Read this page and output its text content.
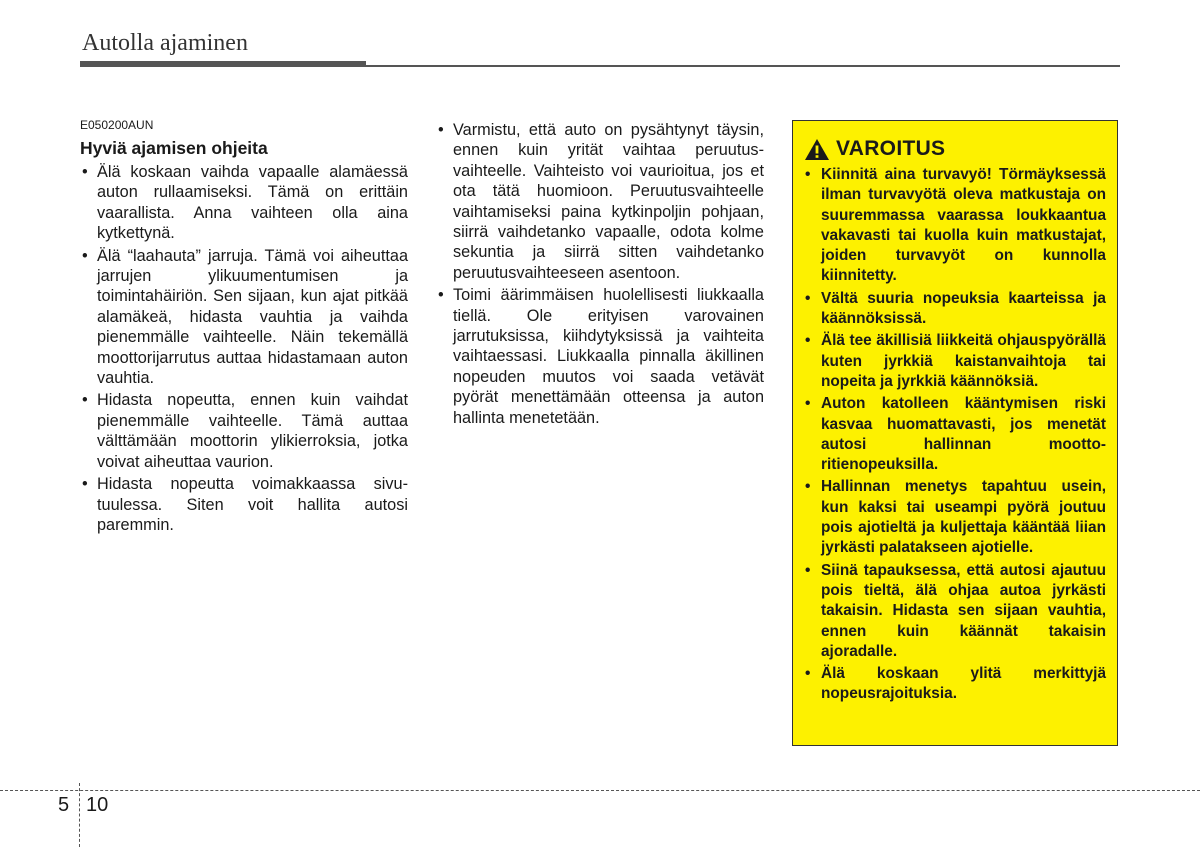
Autolla ajaminen
E050200AUN
Hyviä ajamisen ohjeita
• Älä koskaan vaihda vapaalle alamäessä auton rullaamiseksi. Tämä on erittäin vaarallista. Anna vaihteen olla aina kytkettynä.
• Älä “laahauta” jarruja. Tämä voi aiheuttaa jarrujen ylikuumentumisen ja toimintahäiriön. Sen sijaan, kun ajat pitkää alamäkeä, hidasta vauhtia ja vaihda pienemmälle vaihteelle. Näin tekemällä moottorijarrutus auttaa hidastamaan auton vauhtia.
• Hidasta nopeutta, ennen kuin vaihdat pienemmälle vaihteelle. Tämä auttaa välttämään moottorin ylikierroksia, jotka voivat aiheuttaa vaurion.
• Hidasta nopeutta voimakkaassa sivutuulessa. Siten voit hallita autosi paremmin.
• Varmistu, että auto on pysähtynyt täysin, ennen kuin yrität vaihtaa peruutusvaihteelle. Vaihteisto voi vaurioitua, jos et ota tätä huomioon. Peruutusvaihteelle vaihtamiseksi paina kytkinpoljin pohjaan, siirrä vaihdetanko vapaalle, odota kolme sekuntia ja siirrä sitten vaihdetanko peruutusvaihteeseen asentoon.
• Toimi äärimmäisen huolellisesti liukkaalla tiellä. Ole erityisen varovainen jarrutuksissa, kiihdytyksissä ja vaihteita vaihtaessasi. Liukkaalla pinnalla äkillinen nopeuden muutos voi saada vetävät pyörät menettämään otteensa ja auton hallinta menetetään.
VAROITUS
• Kiinnitä aina turvavyö! Törmäyksessä ilman turvavyötä oleva matkustaja on suuremmassa vaarassa loukkaantua vakavasti tai kuolla kuin matkustajat, joiden turvavyöt on kunnolla kiinnitetty.
• Vältä suuria nopeuksia kaarteissa ja käännöksissä.
• Älä tee äkillisiä liikkeitä ohjauspyörällä kuten jyrkkiä kaistanvaihtoja tai nopeita ja jyrkkiä käännöksiä.
• Auton katolleen kääntymisen riski kasvaa huomattavasti, jos menetät autosi hallinnan moottoritienopeuksilla.
• Hallinnan menetys tapahtuu usein, kun kaksi tai useampi pyörä joutuu pois ajotieltä ja kuljettaja kääntää liian jyrkästi palatakseen ajotielle.
• Siinä tapauksessa, että autosi ajautuu pois tieltä, älä ohjaa autoa jyrkästi takaisin. Hidasta sen sijaan vauhtia, ennen kuin käännät takaisin ajoradalle.
• Älä koskaan ylitä merkittyjä nopeusrajoituksia.
5 10
